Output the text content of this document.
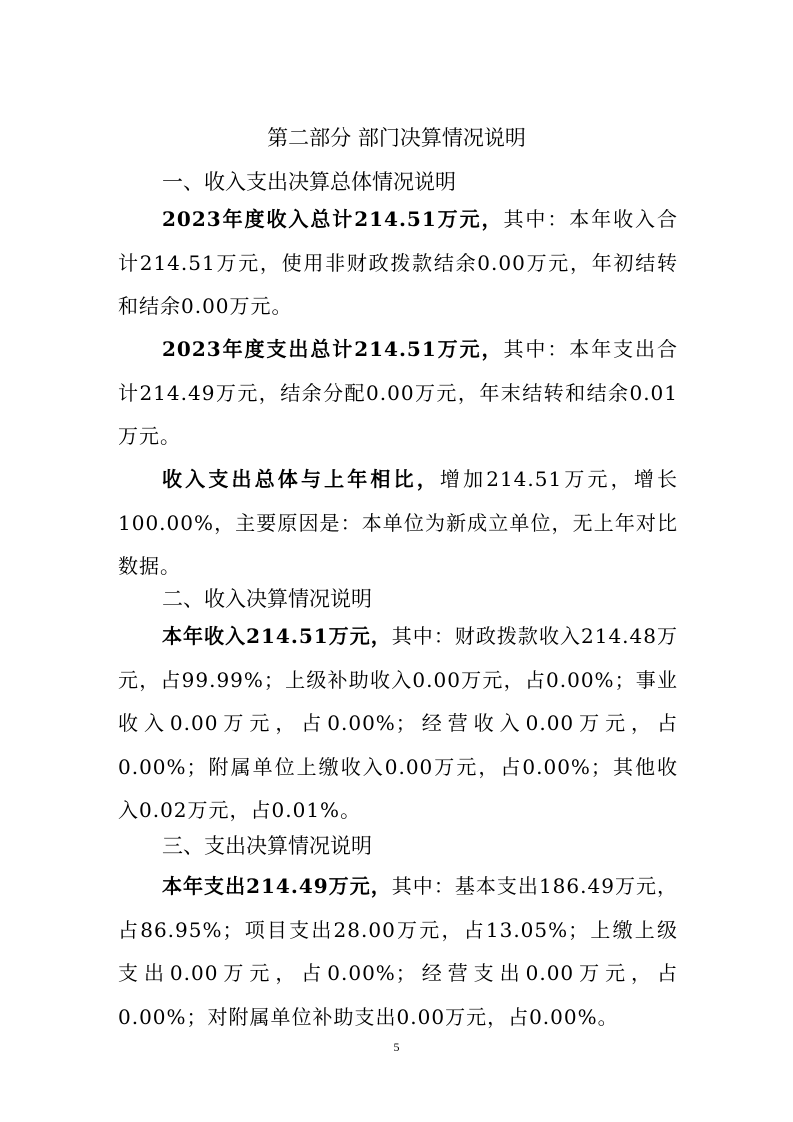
第二部分 部门决算情况说明
一、收入支出决算总体情况说明
2023年度收入总计214.51万元，其中：本年收入合计214.51万元，使用非财政拨款结余0.00万元，年初结转和结余0.00万元。
2023年度支出总计214.51万元，其中：本年支出合计214.49万元，结余分配0.00万元，年末结转和结余0.01万元。
收入支出总体与上年相比，增加214.51万元，增长100.00%，主要原因是：本单位为新成立单位，无上年对比数据。
二、收入决算情况说明
本年收入214.51万元，其中：财政拨款收入214.48万元，占99.99%；上级补助收入0.00万元，占0.00%；事业收入0.00万元，占0.00%；经营收入0.00万元，占0.00%；附属单位上缴收入0.00万元，占0.00%；其他收入0.02万元，占0.01%。
三、支出决算情况说明
本年支出214.49万元，其中：基本支出186.49万元，占86.95%；项目支出28.00万元，占13.05%；上缴上级支出0.00万元，占0.00%；经营支出0.00万元，占0.00%；对附属单位补助支出0.00万元，占0.00%。
5
